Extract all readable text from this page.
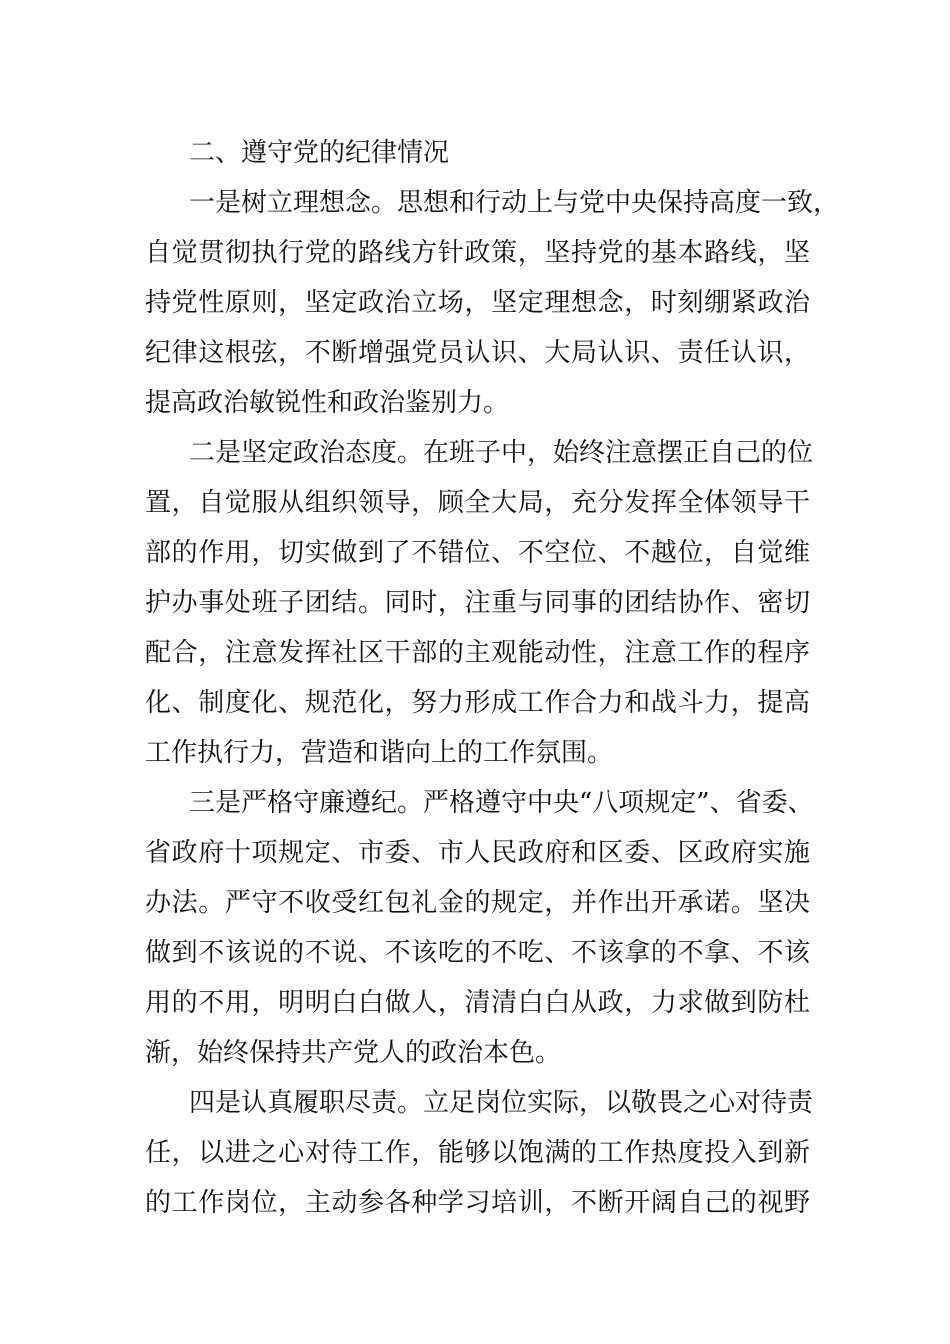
二、遵守党的纪律情况
一是树立理想念。思想和行动上与党中央保持高度一致，
自觉贯彻执行党的路线方针政策，坚持党的基本路线，坚
持党性原则，坚定政治立场，坚定理想念，时刻绷紧政治
纪律这根弦，不断增强党员认识、大局认识、责任认识，
提高政治敏锐性和政治鉴别力。
二是坚定政治态度。在班子中，始终注意摆正自己的位
置，自觉服从组织领导，顾全大局，充分发挥全体领导干
部的作用，切实做到了不错位、不空位、不越位，自觉维
护办事处班子团结。同时，注重与同事的团结协作、密切
配合，注意发挥社区干部的主观能动性，注意工作的程序
化、制度化、规范化，努力形成工作合力和战斗力，提高
工作执行力，营造和谐向上的工作氛围。
三是严格守廉遵纪。严格遵守中央“八项规定”、省委、
省政府十项规定、市委、市人民政府和区委、区政府实施
办法。严守不收受红包礼金的规定，并作出开承诺。坚决
做到不该说的不说、不该吃的不吃、不该拿的不拿、不该
用的不用，明明白白做人，清清白白从政，力求做到防杜
渐，始终保持共产党人的政治本色。
四是认真履职尽责。立足岗位实际，以敬畏之心对待责
任，以进之心对待工作，能够以饱满的工作热度投入到新
的工作岗位，主动参各种学习培训，不断开阔自己的视野
